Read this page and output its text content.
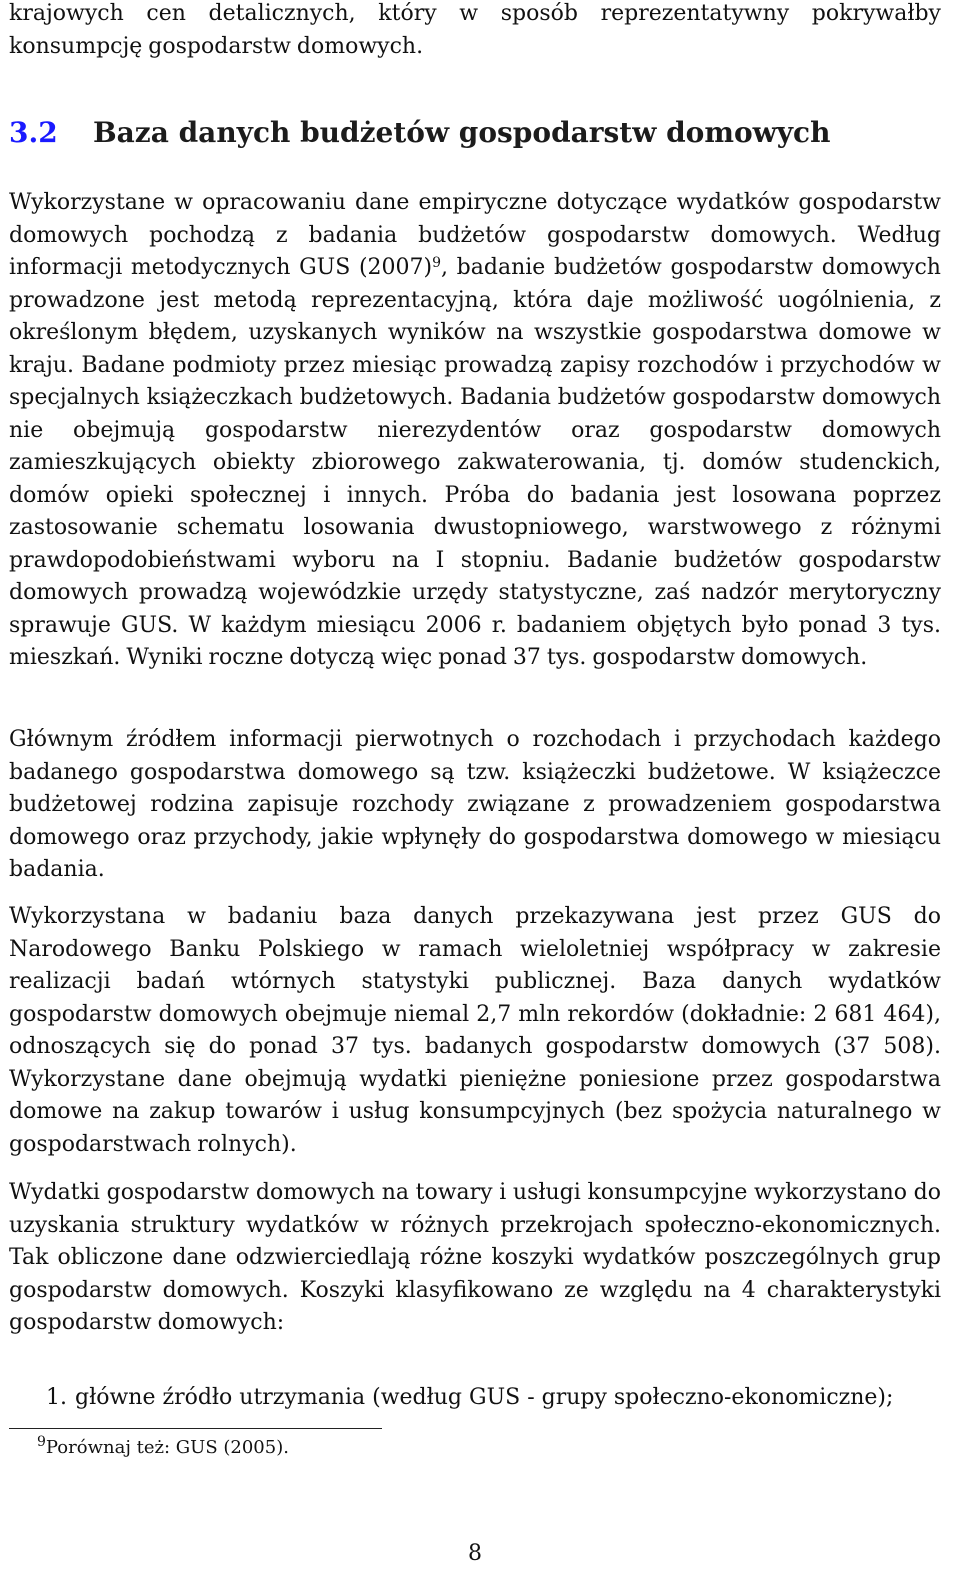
krajowych cen detalicznych, który w sposób reprezentatywny pokrywałby konsumpcję gospodarstw domowych.

3.2 Baza danych budżetów gospodarstw domowych

Wykorzystane w opracowaniu dane empiryczne dotyczące wydatków gospodarstw domowych pochodzą z badania budżetów gospodarstw domowych. Według informacji metodycznych GUS $(2007)^9$, badanie budżetów gospodarstw domowych prowadzone jest metodą reprezentacyjną, która daje możliwość uogólnienia, z określonym błędem, uzyskanych wyników na wszystkie gospodarstwa domowe w kraju. Badane podmioty przez miesiąc prowadzą zapisy rozchodów i przychodów w specjalnych książeczkach budżetowych. Badania budżetów gospodarstw domowych nie obejmują gospodarstw nierezydentów oraz gospodarstw domowych zamieszkujących obiekty zbiorowego zakwaterowania, tj. domów studenckich, domów opieki społecznej i innych. Próba do badania jest losowana poprzez zastosowanie schematu losowania dwustopniowego, warstwowego z różnymi prawdopodobieństwami wyboru na I stopniu. Badanie budżetów gospodarstw domowych prowadzą wojewódzkie urzędy statystyczne, zaś nadzór merytoryczny sprawuje GUS. W każdym miesiącu 2006 r. badaniem objętych było ponad 3 tys. mieszkań. Wyniki roczne dotyczą więc ponad 37 tys. gospodarstw domowych.

Głównym źródłem informacji pierwotnych o rozchodach i przychodach każdego badanego gospodarstwa domowego są tzw. książeczki budżetowe. W książeczce budżetowej rodzina zapisuje rozchody związane z prowadzeniem gospodarstwa domowego oraz przychody, jakie wpłynęły do gospodarstwa domowego w miesiącu badania.

Wykorzystana w badaniu baza danych przekazywana jest przez GUS do Narodowego Banku Polskiego w ramach wieloletniej współpracy w zakresie realizacji badań wtórnych statystyki publicznej. Baza danych wydatków gospodarstw domowych obejmuje niemal 2,7 mln rekordów (dokładnie: 2 681 464), odnoszących się do ponad 37 tys. badanych gospodarstw domowych (37 508). Wykorzystane dane obejmują wydatki pieniężne poniesione przez gospodarstwa domowe na zakup towarów i usług konsumpcyjnych (bez spożycia naturalnego w gospodarstwach rolnych).

Wydatki gospodarstw domowych na towary i usługi konsumpcyjne wykorzystano do uzyskania struktury wydatków w różnych przekrojach społeczno-ekonomicznych. Tak obliczone dane odzwierciedlają różne koszyki wydatków poszczególnych grup gospodarstw domowych. Koszyki klasyfikowano ze względu na 4 charakterystyki gospodarstw domowych:

1. główne źródło utrzymania (według GUS - grupy społeczno-ekonomiczne);
$^9$Porównaj też: GUS (2005).
8
